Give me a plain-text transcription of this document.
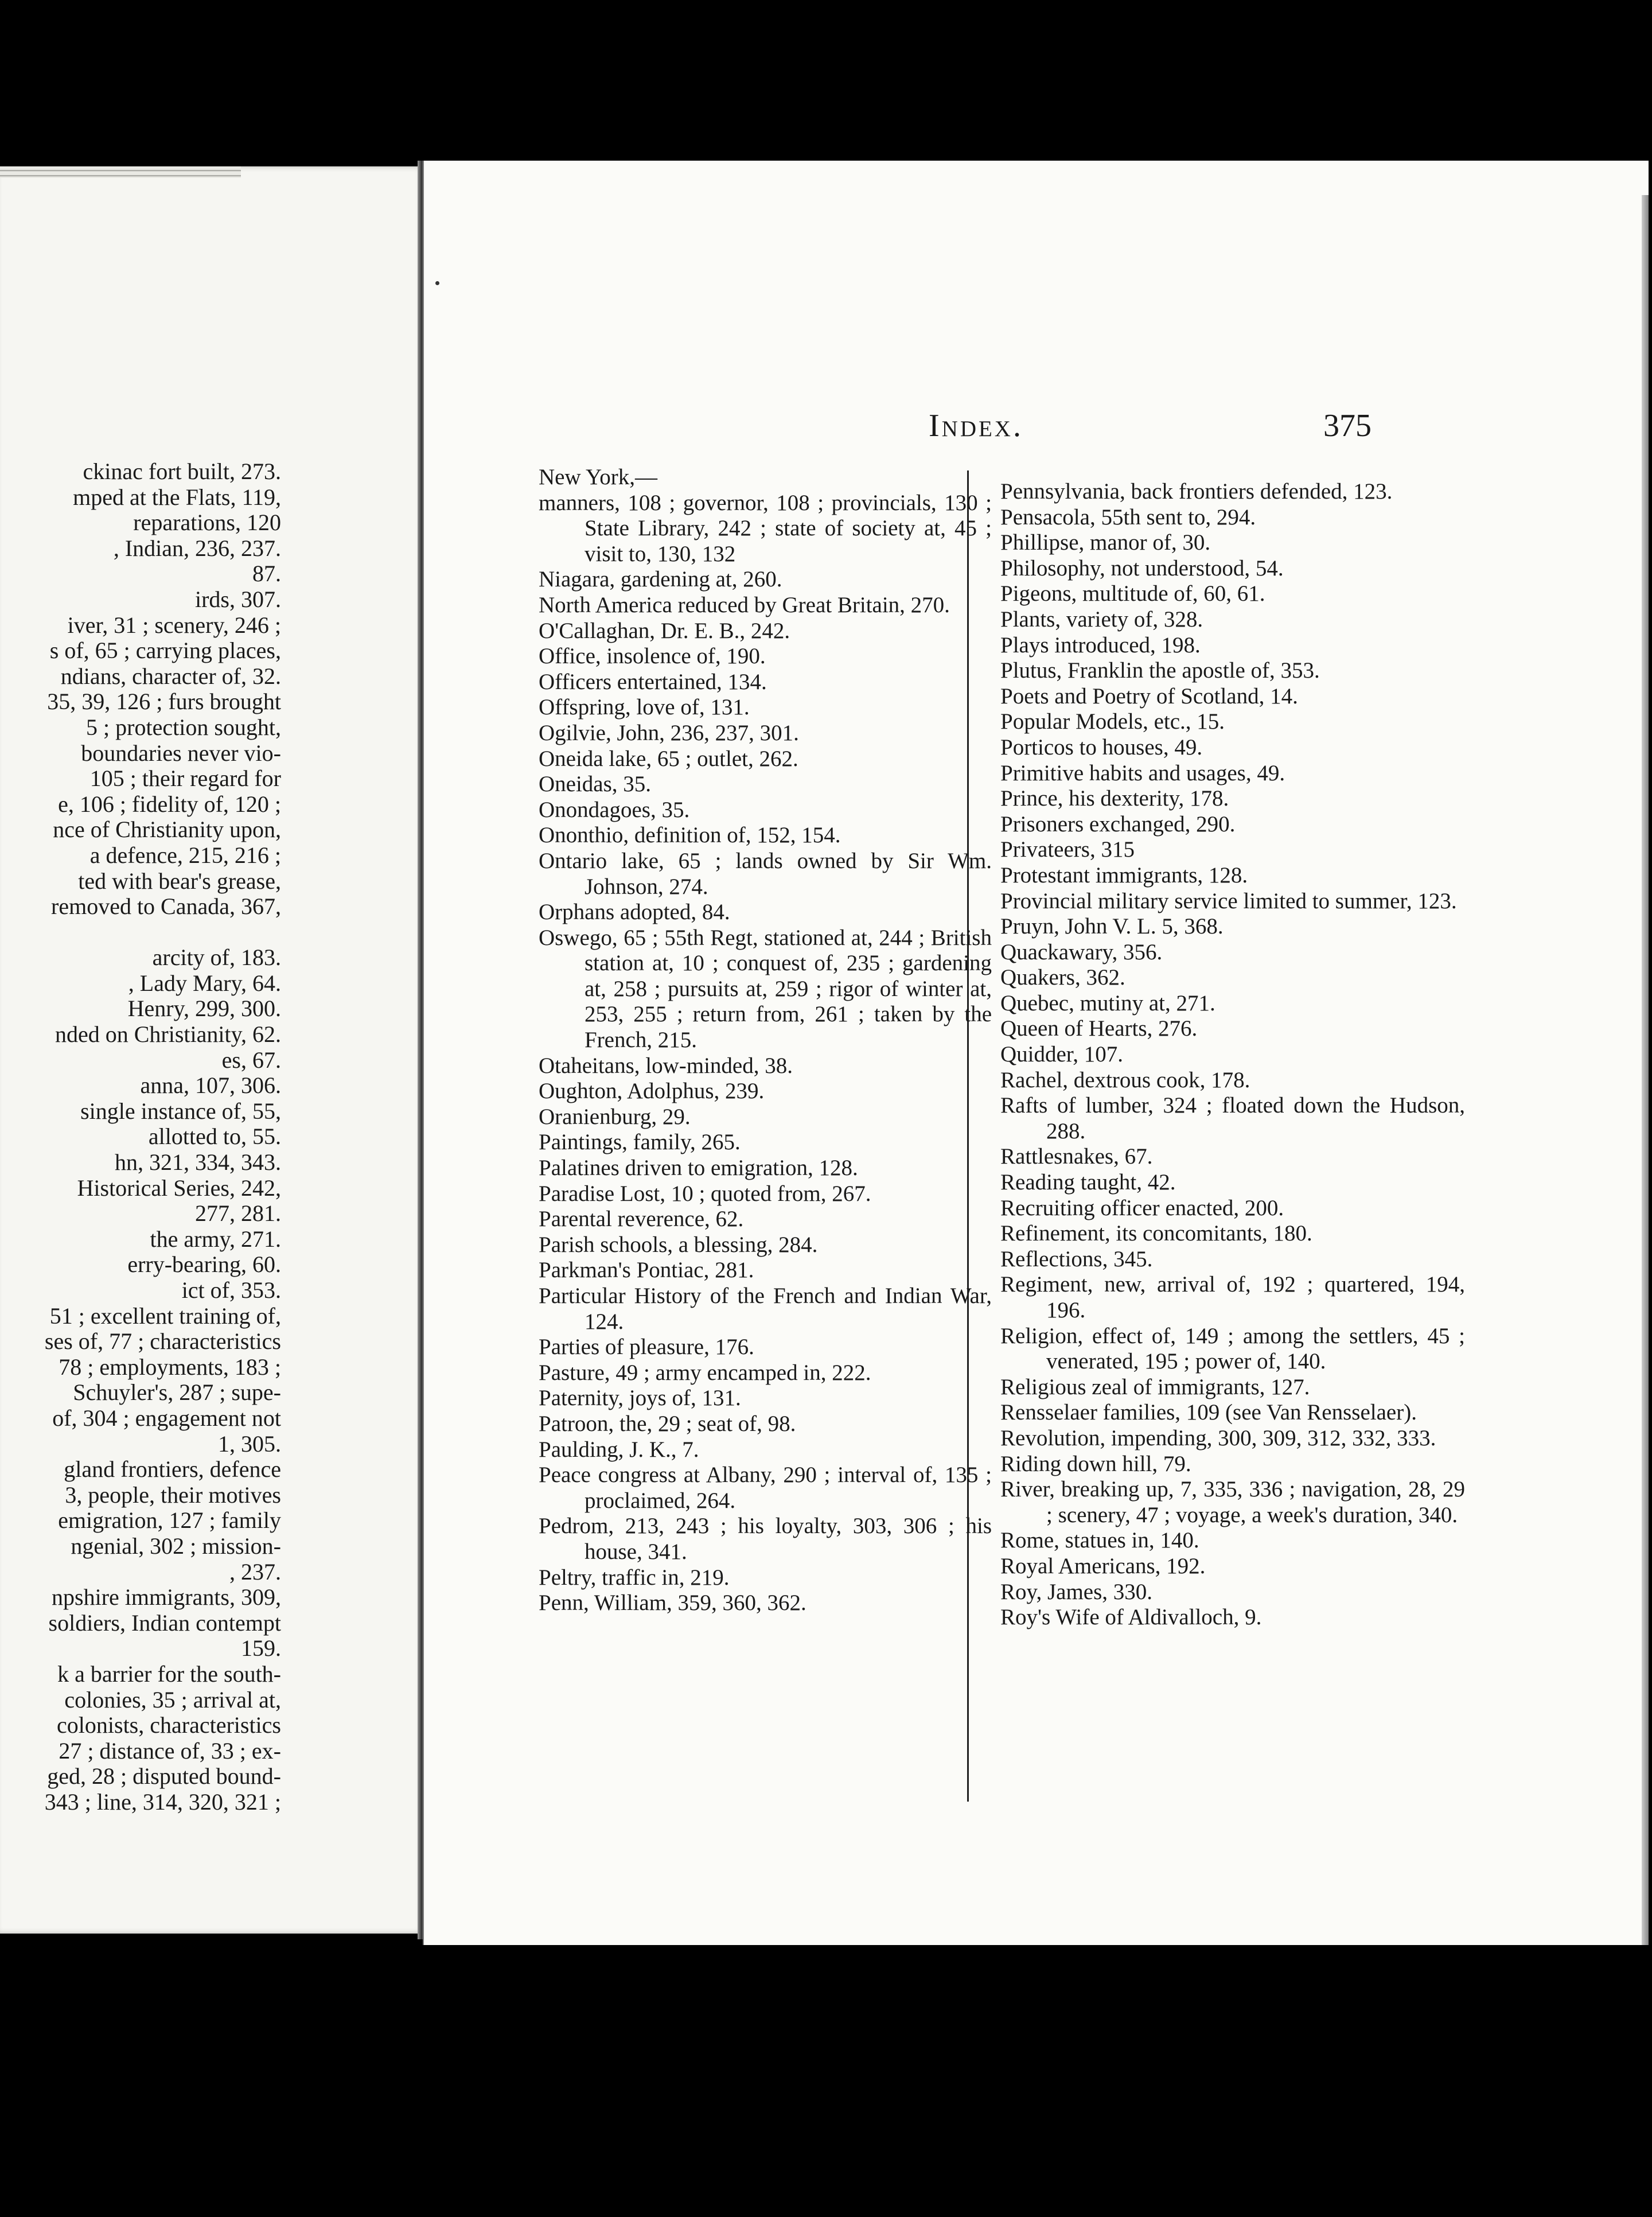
ckinac fort built, 273.
mped at the Flats, 119,
reparations, 120
, Indian, 236, 237.
87.
irds, 307.
iver, 31 ; scenery, 246 ;
s of, 65 ; carrying places,
ndians, character of, 32.
35, 39, 126 ; furs brought
5 ; protection sought,
boundaries never vio-
105 ; their regard for
e, 106 ; fidelity of, 120 ;
nce of Christianity upon,
a defence, 215, 216 ;
ted with bear's grease,
removed to Canada, 367,

arcity of, 183.
, Lady Mary, 64.
Henry, 299, 300.
nded on Christianity, 62.
es, 67.
anna, 107, 306.
single instance of, 55,
allotted to, 55.
hn, 321, 334, 343.
Historical Series, 242,
277, 281.
the army, 271.
erry-bearing, 60.
ict of, 353.
51 ; excellent training of,
ses of, 77 ; characteristics
78 ; employments, 183 ;
Schuyler's, 287 ; supe-
of, 304 ; engagement not
1, 305.
gland frontiers, defence
3, people, their motives
emigration, 127 ; family
ngenial, 302 ; mission-
, 237.
npshire immigrants, 309,
soldiers, Indian contempt
159.
k a barrier for the south-
colonies, 35 ; arrival at,
colonists, characteristics
27 ; distance of, 33 ; ex-
ged, 28 ; disputed bound-
343 ; line, 314, 320, 321 ;
Index.	375
New York,—
manners, 108 ; governor, 108 ; provincials, 130 ; State Library, 242 ; state of society at, 45 ; visit to, 130, 132
Niagara, gardening at, 260.
North America reduced by Great Britain, 270.
O'Callaghan, Dr. E. B., 242.
Office, insolence of, 190.
Officers entertained, 134.
Offspring, love of, 131.
Ogilvie, John, 236, 237, 301.
Oneida lake, 65 ; outlet, 262.
Oneidas, 35.
Onondagoes, 35.
Ononthio, definition of, 152, 154.
Ontario lake, 65 ; lands owned by Sir Wm. Johnson, 274.
Orphans adopted, 84.
Oswego, 65 ; 55th Regt, stationed at, 244 ; British station at, 10 ; conquest of, 235 ; gardening at, 258 ; pursuits at, 259 ; rigor of winter at, 253, 255 ; return from, 261 ; taken by the French, 215.
Otaheitans, low-minded, 38.
Oughton, Adolphus, 239.
Oranienburg, 29.
Paintings, family, 265.
Palatines driven to emigration, 128.
Paradise Lost, 10 ; quoted from, 267.
Parental reverence, 62.
Parish schools, a blessing, 284.
Parkman's Pontiac, 281.
Particular History of the French and Indian War, 124.
Parties of pleasure, 176.
Pasture, 49 ; army encamped in, 222.
Paternity, joys of, 131.
Patroon, the, 29 ; seat of, 98.
Paulding, J. K., 7.
Peace congress at Albany, 290 ; interval of, 135 ; proclaimed, 264.
Pedrom, 213, 243 ; his loyalty, 303, 306 ; his house, 341.
Peltry, traffic in, 219.
Penn, William, 359, 360, 362.
Pennsylvania, back frontiers defended, 123.
Pensacola, 55th sent to, 294.
Phillipse, manor of, 30.
Philosophy, not understood, 54.
Pigeons, multitude of, 60, 61.
Plants, variety of, 328.
Plays introduced, 198.
Plutus, Franklin the apostle of, 353.
Poets and Poetry of Scotland, 14.
Popular Models, etc., 15.
Porticos to houses, 49.
Primitive habits and usages, 49.
Prince, his dexterity, 178.
Prisoners exchanged, 290.
Privateers, 315
Protestant immigrants, 128.
Provincial military service limited to summer, 123.
Pruyn, John V. L. 5, 368.
Quackawary, 356.
Quakers, 362.
Quebec, mutiny at, 271.
Queen of Hearts, 276.
Quidder, 107.
Rachel, dextrous cook, 178.
Rafts of lumber, 324 ; floated down the Hudson, 288.
Rattlesnakes, 67.
Reading taught, 42.
Recruiting officer enacted, 200.
Refinement, its concomitants, 180.
Reflections, 345.
Regiment, new, arrival of, 192 ; quartered, 194, 196.
Religion, effect of, 149 ; among the settlers, 45 ; venerated, 195 ; power of, 140.
Religious zeal of immigrants, 127.
Rensselaer families, 109 (see Van Rensselaer).
Revolution, impending, 300, 309, 312, 332, 333.
Riding down hill, 79.
River, breaking up, 7, 335, 336 ; navigation, 28, 29 ; scenery, 47 ; voyage, a week's duration, 340.
Rome, statues in, 140.
Royal Americans, 192.
Roy, James, 330.
Roy's Wife of Aldivalloch, 9.
